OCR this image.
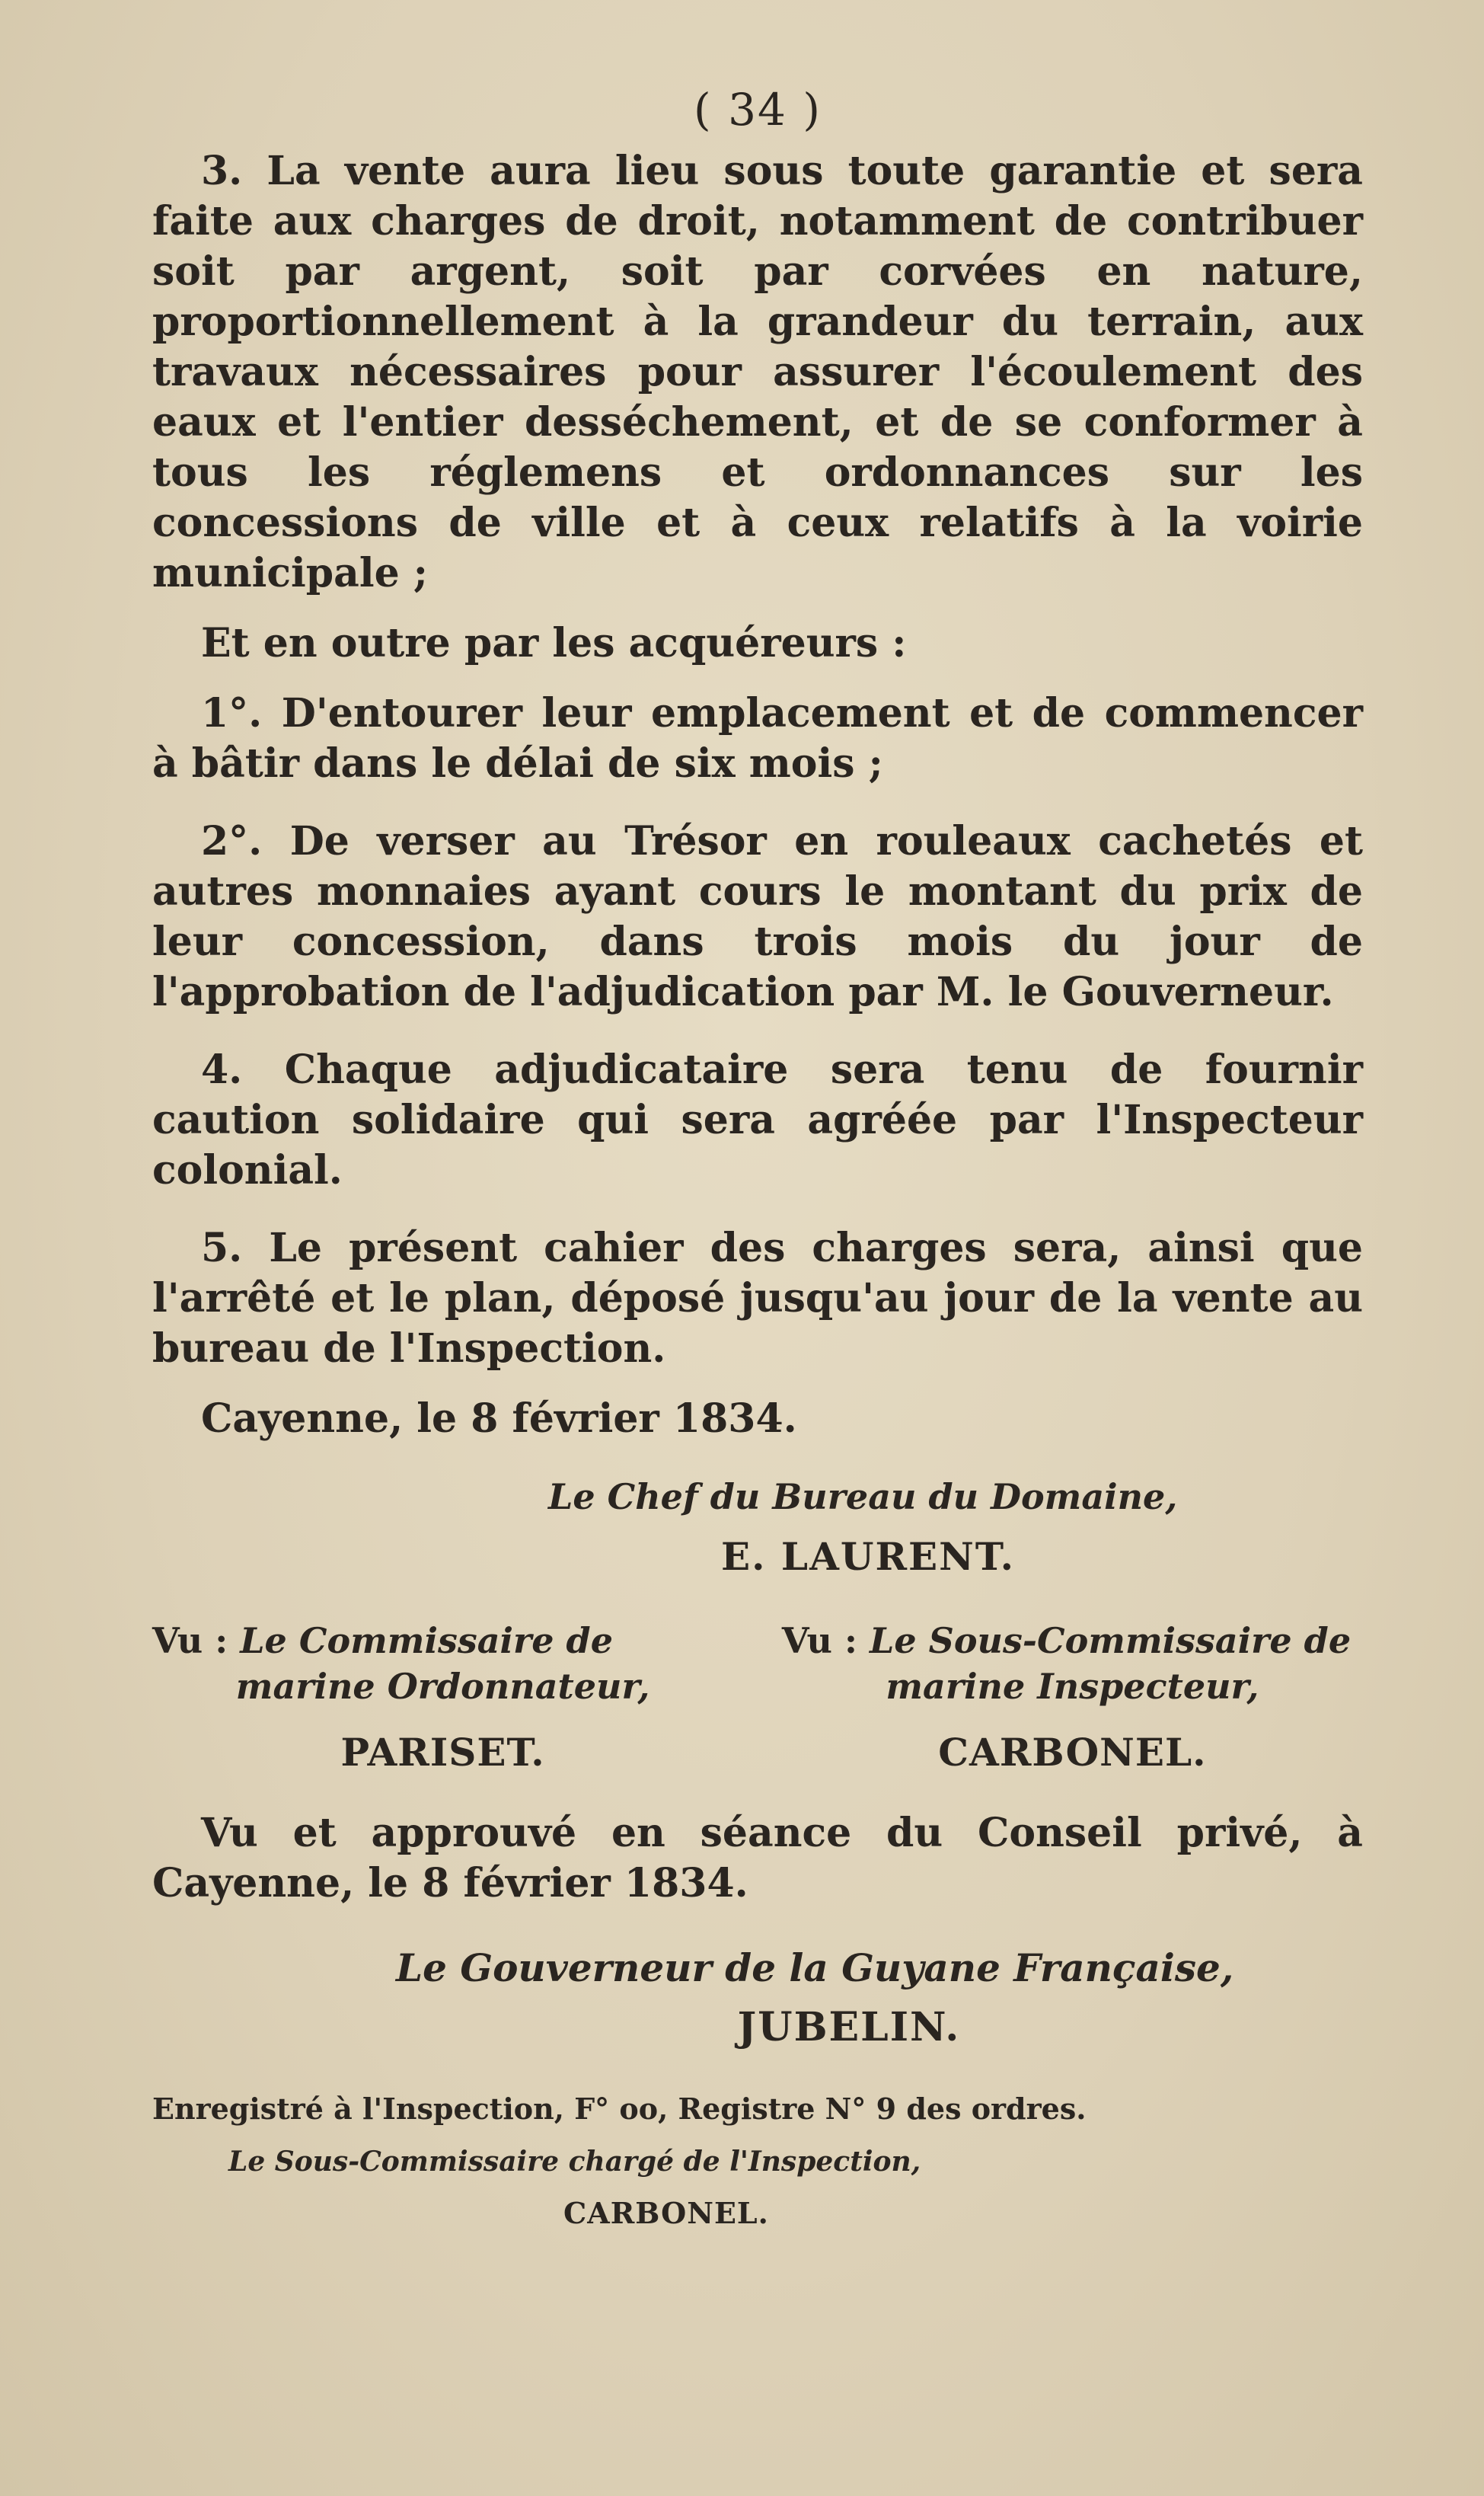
( 34 )

3. La vente aura lieu sous toute garantie et sera faite aux charges de droit, notamment de contribuer soit par argent, soit par corvées en nature, proportionnellement à la grandeur du terrain, aux travaux nécessaires pour assurer l'écoulement des eaux et l'entier desséchement, et de se conformer à tous les réglemens et ordonnances sur les concessions de ville et à ceux relatifs à la voirie municipale ;

Et en outre par les acquéreurs :

1°. D'entourer leur emplacement et de commencer à bâtir dans le délai de six mois ;

2°. De verser au Trésor en rouleaux cachetés et autres monnaies ayant cours le montant du prix de leur concession, dans trois mois du jour de l'approbation de l'adjudication par M. le Gouverneur.

4. Chaque adjudicataire sera tenu de fournir caution solidaire qui sera agréée par l'Inspecteur colonial.

5. Le présent cahier des charges sera, ainsi que l'arrêté et le plan, déposé jusqu'au jour de la vente au bureau de l'Inspection.

Cayenne, le 8 février 1834.

Le Chef du Bureau du Domaine,
E. LAURENT.
Vu : Le Commissaire de
marine Ordonnateur,
PARISET.
Vu : Le Sous-Commissaire de
marine Inspecteur,
CARBONEL.

Vu et approuvé en séance du Conseil privé, à Cayenne, le 8 février 1834.

Le Gouverneur de la Guyane Française,
JUBELIN.
Enregistré à l'Inspection, F° oo, Registre N° 9 des ordres.
Le Sous-Commissaire chargé de l'Inspection,
CARBONEL.
